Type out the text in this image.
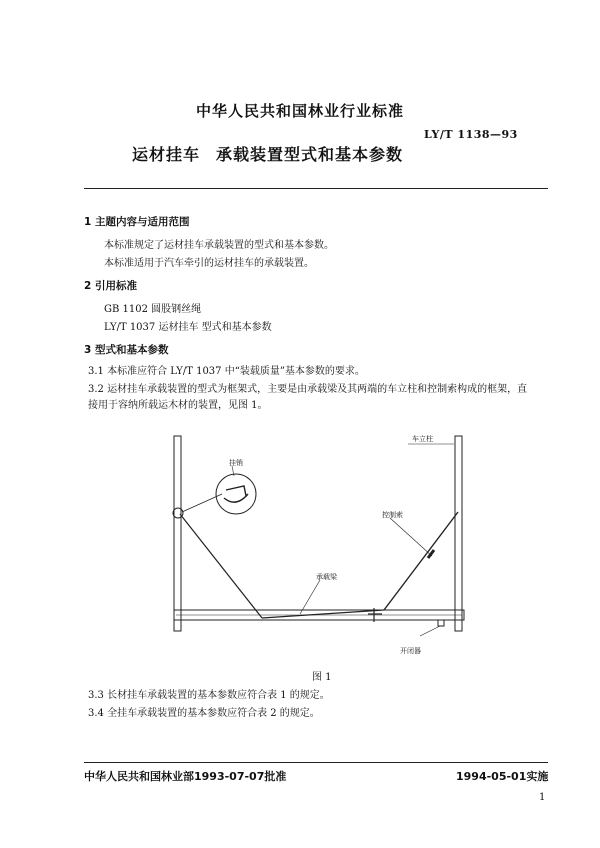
中华人民共和国林业行业标准
LY/T 1138—93
运材挂车 承载装置型式和基本参数
1 主题内容与适用范围
本标准规定了运材挂车承载装置的型式和基本参数。
本标准适用于汽车牵引的运材挂车的承载装置。
2 引用标准
GB 1102 圆股钢丝绳
LY/T 1037 运材挂车 型式和基本参数
3 型式和基本参数
3.1 本标准应符合 LY/T 1037 中“装载质量”基本参数的要求。
3.2 运材挂车承载装置的型式为框架式，主要是由承载梁及其两端的车立柱和控制索构成的框架，直
接用于容纳所载运木材的装置，见图 1。
挂销
车立柱
控制索
承载梁
开闭器
图 1
3.3 长材挂车承载装置的基本参数应符合表 1 的规定。
3.4 全挂车承载装置的基本参数应符合表 2 的规定。
中华人民共和国林业部1993-07-07批准	1994-05-01实施
1
